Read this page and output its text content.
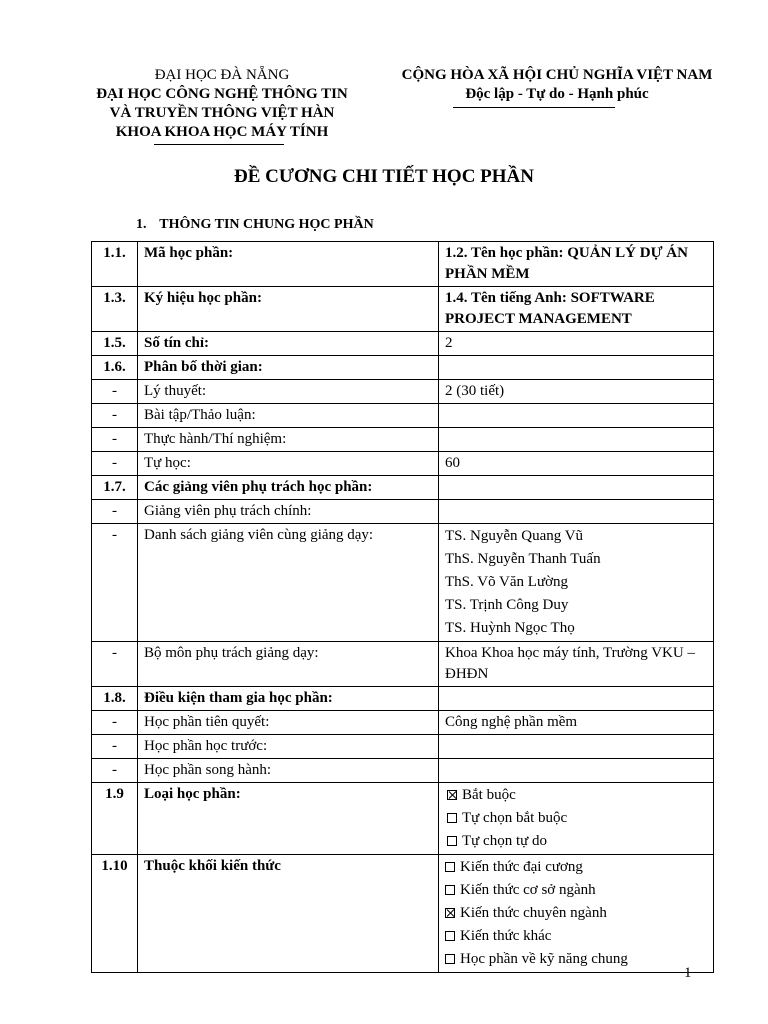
ĐẠI HỌC ĐÀ NẴNG
ĐẠI HỌC CÔNG NGHỆ THÔNG TIN
VÀ TRUYỀN THÔNG VIỆT HÀN
KHOA KHOA HỌC MÁY TÍNH
CỘNG HÒA XÃ HỘI CHỦ NGHĨA VIỆT NAM
Độc lập - Tự do - Hạnh phúc
ĐỀ CƯƠNG CHI TIẾT HỌC PHẦN
1. THÔNG TIN CHUNG HỌC PHẦN
1.1.	Mã học phần:	1.2. Tên học phần: QUẢN LÝ DỰ ÁN PHẦN MỀM
1.3.	Ký hiệu học phần:	1.4. Tên tiếng Anh: SOFTWARE PROJECT MANAGEMENT
1.5.	Số tín chỉ:	2
1.6.	Phân bố thời gian:	
-	Lý thuyết:	2 (30 tiết)
-	Bài tập/Thảo luận:	
-	Thực hành/Thí nghiệm:	
-	Tự học:	60
1.7.	Các giảng viên phụ trách học phần:	
-	Giảng viên phụ trách chính:	
-	Danh sách giảng viên cùng giảng dạy:	TS. Nguyễn Quang Vũ
ThS. Nguyễn Thanh Tuấn
ThS. Võ Văn Lường
TS. Trịnh Công Duy
TS. Huỳnh Ngọc Thọ

-	Bộ môn phụ trách giảng dạy:	Khoa Khoa học máy tính, Trường VKU – ĐHĐN
1.8.	Điều kiện tham gia học phần:	
-	Học phần tiên quyết:	Công nghệ phần mềm
-	Học phần học trước:	
-	Học phần song hành:	
1.9	Loại học phần:	Bắt buộc
Tự chọn bắt buộc
Tự chọn tự do

1.10	Thuộc khối kiến thức	Kiến thức đại cương
Kiến thức cơ sở ngành
Kiến thức chuyên ngành
Kiến thức khác
Học phần về kỹ năng chung
1
